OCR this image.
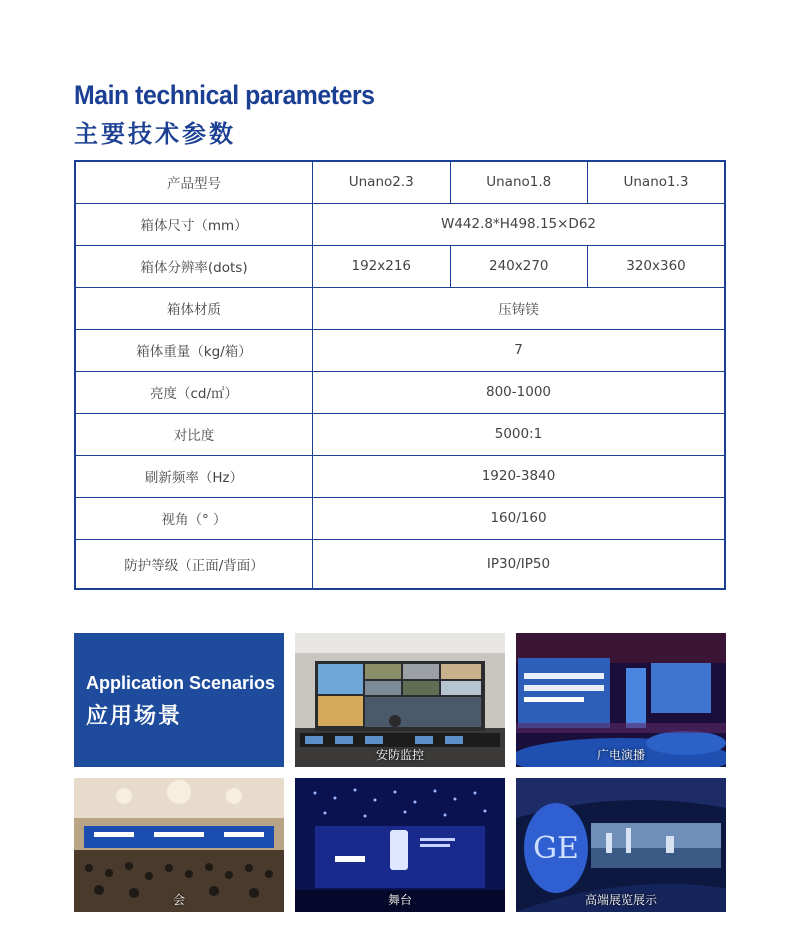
Main technical parameters
主要技术参数
产品型号	Unano2.3	Unano1.8	Unano1.3
箱体尺寸（mm）	W442.8*H498.15×D62		
箱体分辨率(dots)	192x216	240x270	320x360
箱体材质	压铸镁		
箱体重量（kg/箱）	7		
亮度（cd/㎡）	800-1000		
对比度	5000:1		
刷新频率（Hz）	1920-3840		
视角（° ）	160/160		
防护等级（正面/背面）	IP30/IP50		

Application Scenarios

应用场景

安防监控	广电演播
会	舞台
GE
高端展览展示
